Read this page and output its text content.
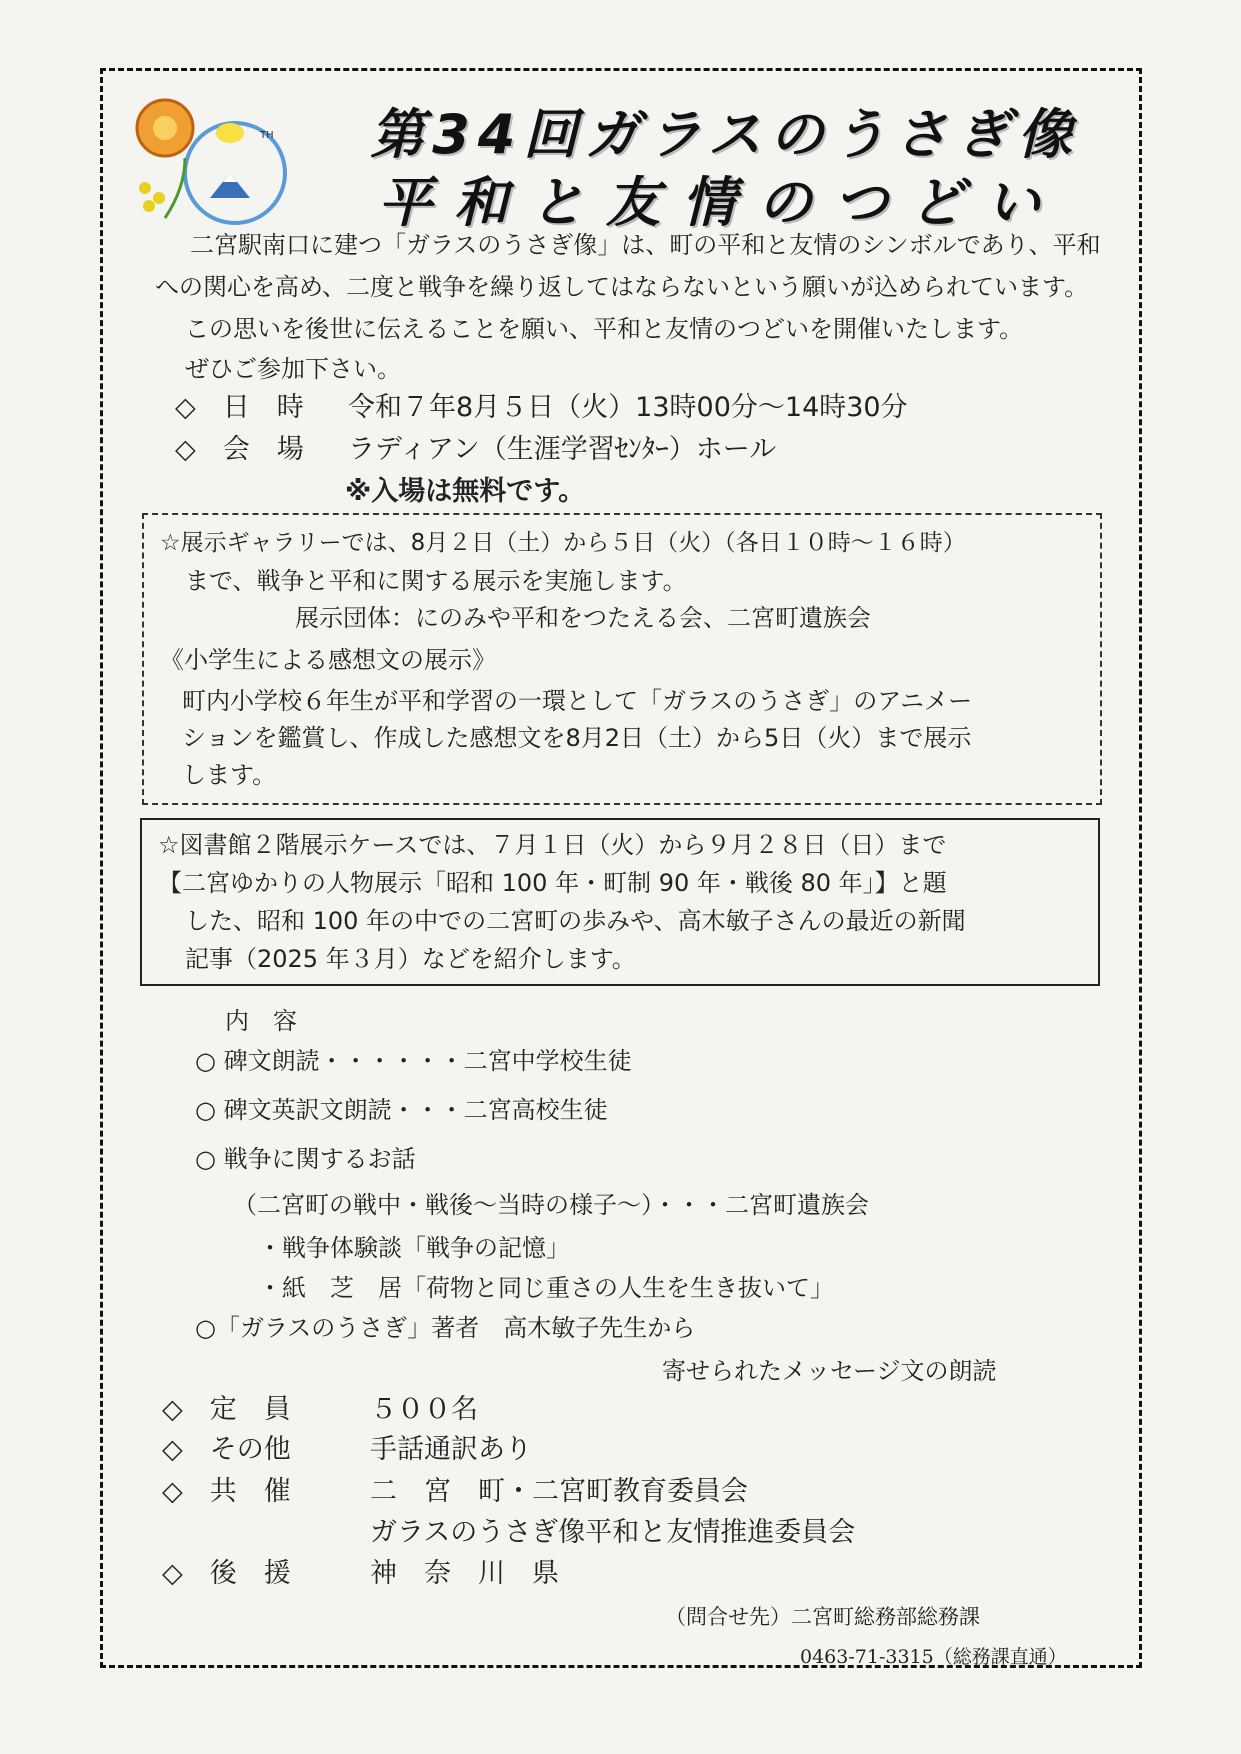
TH	第34回ガラスのうさぎ像
平和と友情のつどい
二宮駅南口に建つ「ガラスのうさぎ像」は、町の平和と友情のシンボルであり、平和
への関心を高め、二度と戦争を繰り返してはならないという願いが込められています。
この思いを後世に伝えることを願い、平和と友情のつどいを開催いたします。
ぜひご参加下さい。
◇　日　時 令和７年8月５日（火）13時00分～14時30分
◇　会　場 ラディアン（生涯学習ｾﾝﾀｰ）ホール
※入場は無料です。
☆展示ギャラリーでは、8月２日（土）から５日（火）（各日１０時～１６時）
まで、戦争と平和に関する展示を実施します。
展示団体：にのみや平和をつたえる会、二宮町遺族会
《小学生による感想文の展示》
町内小学校６年生が平和学習の一環として「ガラスのうさぎ」のアニメー
ションを鑑賞し、作成した感想文を8月2日（土）から5日（火）まで展示
します。
☆図書館２階展示ケースでは、７月１日（火）から９月２８日（日）まで
【二宮ゆかりの人物展示「昭和 100 年・町制 90 年・戦後 80 年」】と題
した、昭和 100 年の中での二宮町の歩みや、高木敏子さんの最近の新聞
記事（2025 年３月）などを紹介します。
内　容
○ 碑文朗読・・・・・・二宮中学校生徒
○ 碑文英訳文朗読・・・二宮高校生徒
○ 戦争に関するお話
（二宮町の戦中・戦後～当時の様子～）・・・二宮町遺族会
・戦争体験談「戦争の記憶」
・紙　芝　居「荷物と同じ重さの人生を生き抜いて」
○「ガラスのうさぎ」著者　高木敏子先生から
寄せられたメッセージ文の朗読
◇　定　員	５００名
◇　その他	手話通訳あり
◇　共　催	二　宮　町・二宮町教育委員会
ガラスのうさぎ像平和と友情推進委員会
◇　後　援	神　奈　川　県
（問合せ先）二宮町総務部総務課
0463-71-3315（総務課直通）
